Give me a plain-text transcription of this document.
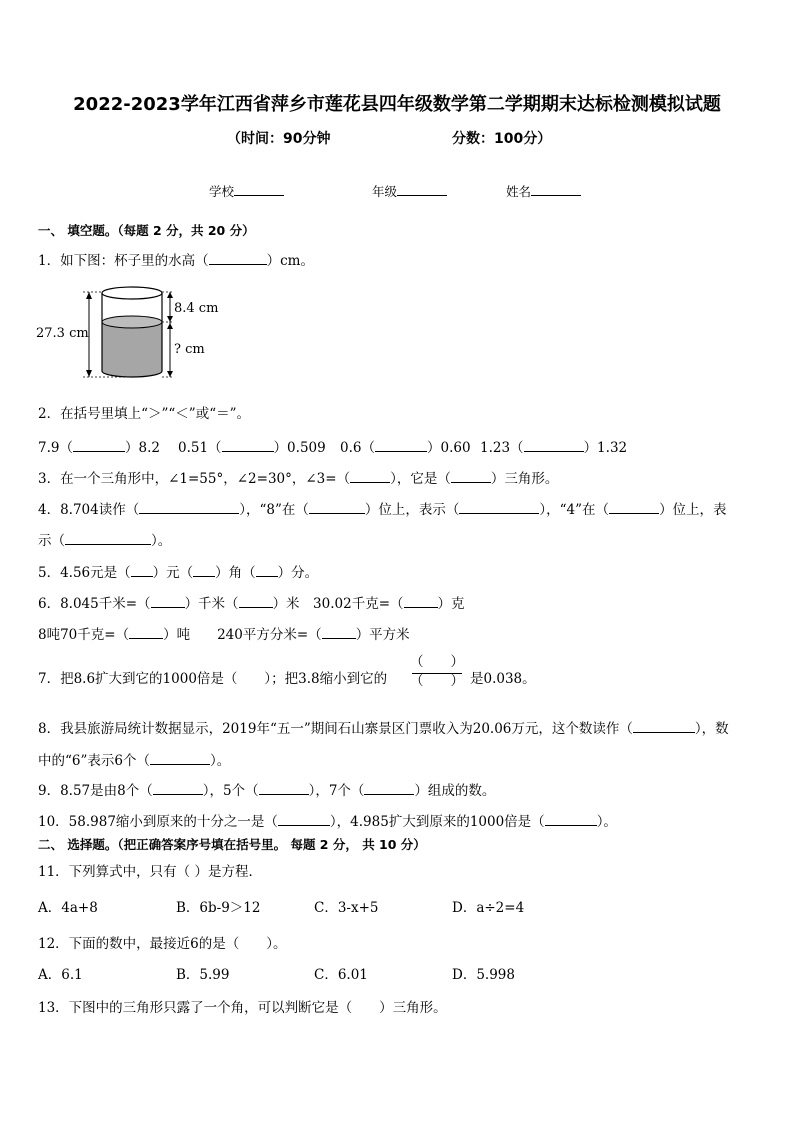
2022-2023学年江西省萍乡市莲花县四年级数学第二学期期末达标检测模拟试题
（时间：90分钟	分数：100分）
学校	年级	姓名
一、 填空题。（每题 2 分，共 20 分）
1．如下图：杯子里的水高（	）cm。
27.3 cm
8.4 cm
? cm
2．在括号里填上“＞”“＜”或“＝”。
7.9（	）8.2 0.51（	）0.509 0.6（	）0.60 1.23（	）1.32
3．在一个三角形中，∠1=55°，∠2=30°，∠3=（	），它是（	）三角形。
4．8.704读作（	），“8”在（	）位上，表示（	），“4”在（	）位上，表
示（	）。
5．4.56元是（ ）元（ ）角（ ）分。
6．8.045千米=（	）千米（	）米　30.02千克=（	）克
8吨70千克=（	）吨　　240平方分米=（	）平方米
7．把8.6扩大到它的1000倍是（　　）；把3.8缩小到它的
（　　）
（　　） 是0.038。
8．我县旅游局统计数据显示，2019年“五一”期间石山寨景区门票收入为20.06万元，这个数读作（	），数
中的“6”表示6个（	）。
9．8.57是由8个（	），5个（	），7个（	）组成的数。
10．58.987缩小到原来的十分之一是（	），4.985扩大到原来的1000倍是（	）。
二、 选择题。（把正确答案序号填在括号里。 每题 2 分， 共 10 分）
11．下列算式中，只有（ ）是方程．
A．4a+8	B．6b-9＞12	C．3-x+5	D．a÷2=4
12．下面的数中，最接近6的是（　　）。
A．6.1	B．5.99	C．6.01	D．5.998
13．下图中的三角形只露了一个角，可以判断它是（　　）三角形。
